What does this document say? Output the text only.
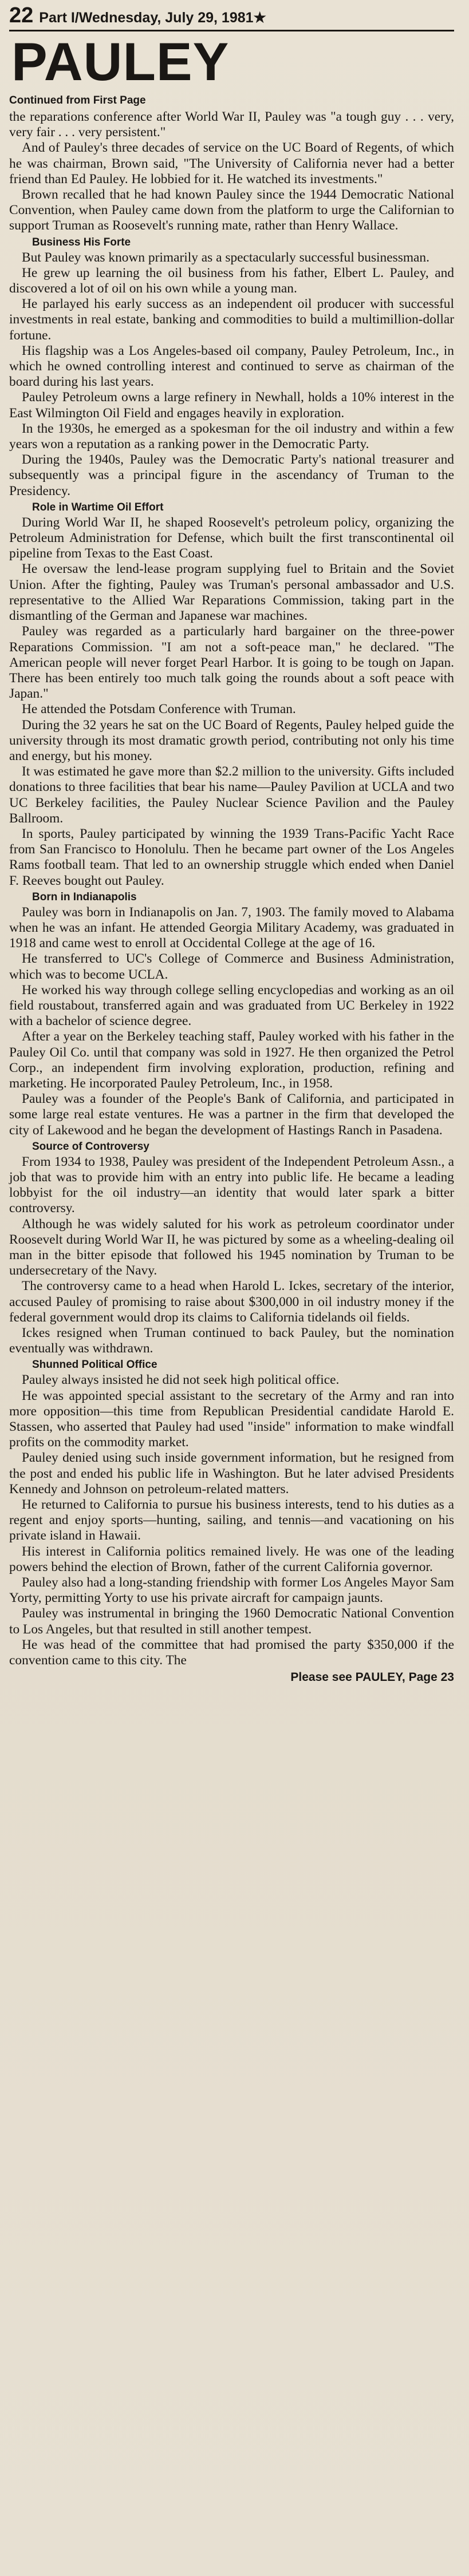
22 Part I/Wednesday, July 29, 1981★
PAULEY
Continued from First Page

the reparations conference after World War II, Pauley was "a tough guy . . . very, very fair . . . very persistent."

And of Pauley's three decades of service on the UC Board of Regents, of which he was chairman, Brown said, "The University of California never had a better friend than Ed Pauley. He lobbied for it. He watched its investments."

Brown recalled that he had known Pauley since the 1944 Democratic National Convention, when Pauley came down from the platform to urge the Californian to support Truman as Roosevelt's running mate, rather than Henry Wallace.

Business His Forte

But Pauley was known primarily as a spectacularly successful businessman.

He grew up learning the oil business from his father, Elbert L. Pauley, and discovered a lot of oil on his own while a young man.

He parlayed his early success as an independent oil producer with successful investments in real estate, banking and commodities to build a multimillion-dollar fortune.

His flagship was a Los Angeles-based oil company, Pauley Petroleum, Inc., in which he owned controlling interest and continued to serve as chairman of the board during his last years.

Pauley Petroleum owns a large refinery in Newhall, holds a 10% interest in the East Wilmington Oil Field and engages heavily in exploration.

In the 1930s, he emerged as a spokesman for the oil industry and within a few years won a reputation as a ranking power in the Democratic Party.

During the 1940s, Pauley was the Democratic Party's national treasurer and subsequently was a principal figure in the ascendancy of Truman to the Presidency.

Role in Wartime Oil Effort

During World War II, he shaped Roosevelt's petroleum policy, organizing the Petroleum Administration for Defense, which built the first transcontinental oil pipeline from Texas to the East Coast.

He oversaw the lend-lease program supplying fuel to Britain and the Soviet Union. After the fighting, Pauley was Truman's personal ambassador and U.S. representative to the Allied War Reparations Commission, taking part in the dismantling of the German and Japanese war machines.

Pauley was regarded as a particularly hard bargainer on the three-power Reparations Commission. "I am not a soft-peace man," he declared. "The American people will never forget Pearl Harbor. It is going to be tough on Japan. There has been entirely too much talk going the rounds about a soft peace with Japan."

He attended the Potsdam Conference with Truman.

During the 32 years he sat on the UC Board of Regents, Pauley helped guide the university through its most dramatic growth period, contributing not only his time and energy, but his money.

It was estimated he gave more than $2.2 million to the university. Gifts included donations to three facilities that bear his name—Pauley Pavilion at UCLA and two UC Berkeley facilities, the Pauley Nuclear Science Pavilion and the Pauley Ballroom.

In sports, Pauley participated by winning the 1939 Trans-Pacific Yacht Race from San Francisco to Honolulu. Then he became part owner of the Los Angeles Rams football team. That led to an ownership struggle which ended when Daniel F. Reeves bought out Pauley.

Born in Indianapolis

Pauley was born in Indianapolis on Jan. 7, 1903. The family moved to Alabama when he was an infant. He attended Georgia Military Academy, was graduated in 1918 and came west to enroll at Occidental College at the age of 16.

He transferred to UC's College of Commerce and Business Administration, which was to become UCLA.

He worked his way through college selling encyclopedias and working as an oil field roustabout, transferred again and was graduated from UC Berkeley in 1922 with a bachelor of science degree.

After a year on the Berkeley teaching staff, Pauley worked with his father in the Pauley Oil Co. until that company was sold in 1927. He then organized the Petrol Corp., an independent firm involving exploration, production, refining and marketing. He incorporated Pauley Petroleum, Inc., in 1958.

Pauley was a founder of the People's Bank of California, and participated in some large real estate ventures. He was a partner in the firm that developed the city of Lakewood and he began the development of Hastings Ranch in Pasadena.

Source of Controversy

From 1934 to 1938, Pauley was president of the Independent Petroleum Assn., a job that was to provide him with an entry into public life. He became a leading lobbyist for the oil industry—an identity that would later spark a bitter controversy.

Although he was widely saluted for his work as petroleum coordinator under Roosevelt during World War II, he was pictured by some as a wheeling-dealing oil man in the bitter episode that followed his 1945 nomination by Truman to be undersecretary of the Navy.

The controversy came to a head when Harold L. Ickes, secretary of the interior, accused Pauley of promising to raise about $300,000 in oil industry money if the federal government would drop its claims to California tidelands oil fields.

Ickes resigned when Truman continued to back Pauley, but the nomination eventually was withdrawn.

Shunned Political Office

Pauley always insisted he did not seek high political office.

He was appointed special assistant to the secretary of the Army and ran into more opposition—this time from Republican Presidential candidate Harold E. Stassen, who asserted that Pauley had used "inside" information to make windfall profits on the commodity market.

Pauley denied using such inside government information, but he resigned from the post and ended his public life in Washington. But he later advised Presidents Kennedy and Johnson on petroleum-related matters.

He returned to California to pursue his business interests, tend to his duties as a regent and enjoy sports—hunting, sailing, and tennis—and vacationing on his private island in Hawaii.

His interest in California politics remained lively. He was one of the leading powers behind the election of Brown, father of the current California governor.

Pauley also had a long-standing friendship with former Los Angeles Mayor Sam Yorty, permitting Yorty to use his private aircraft for campaign jaunts.

Pauley was instrumental in bringing the 1960 Democratic National Convention to Los Angeles, but that resulted in still another tempest.

He was head of the committee that had promised the party $350,000 if the convention came to this city. The

Please see PAULEY, Page 23
